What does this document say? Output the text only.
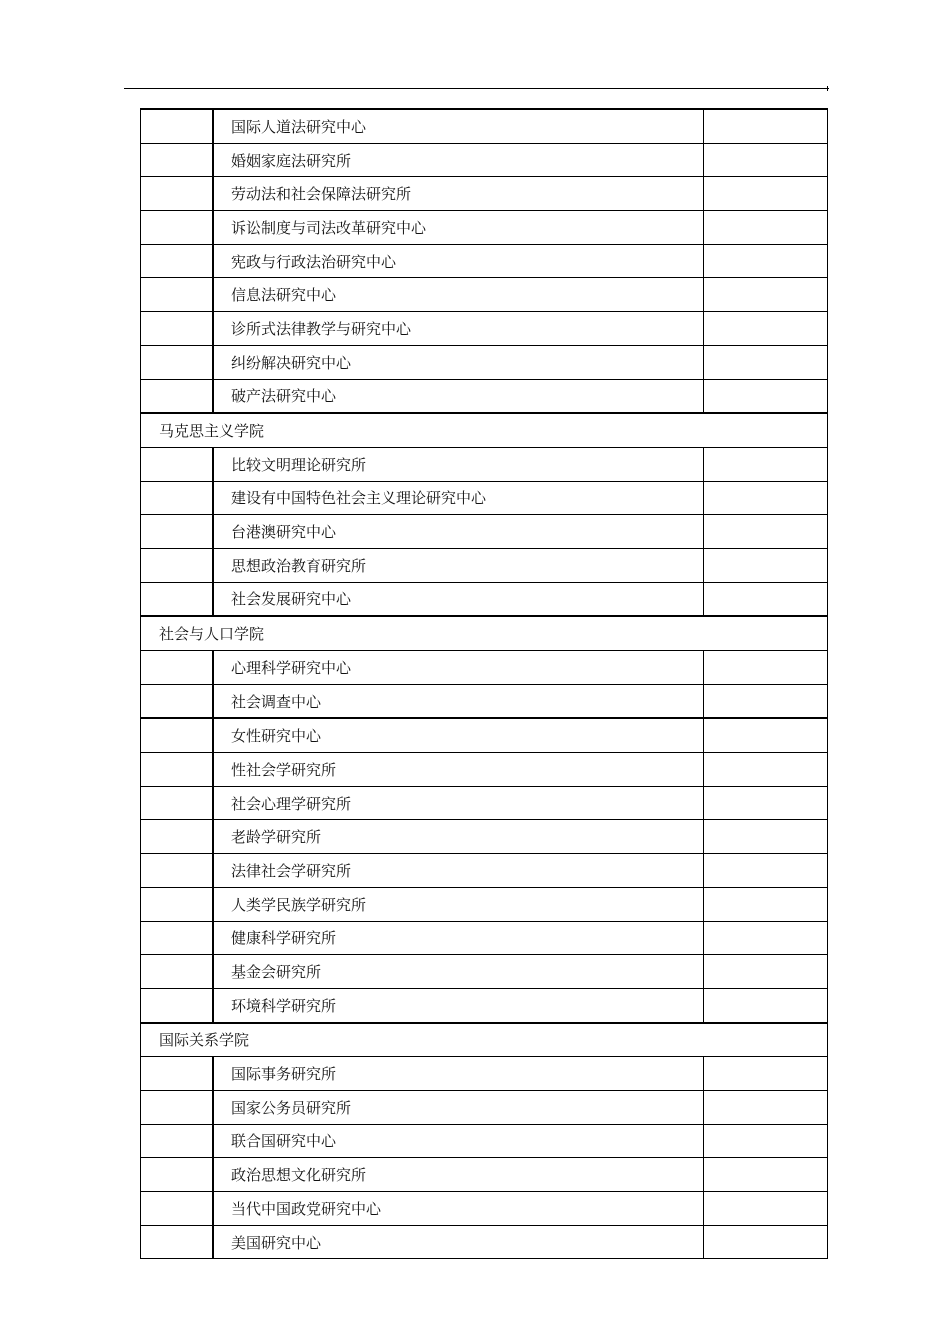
	国际人道法研究中心	
	婚姻家庭法研究所	
	劳动法和社会保障法研究所	
	诉讼制度与司法改革研究中心	
	宪政与行政法治研究中心	
	信息法研究中心	
	诊所式法律教学与研究中心	
	纠纷解决研究中心	
	破产法研究中心	
马克思主义学院		
	比较文明理论研究所	
	建设有中国特色社会主义理论研究中心	
	台港澳研究中心	
	思想政治教育研究所	
	社会发展研究中心	
社会与人口学院		
	心理科学研究中心	
	社会调查中心	
	女性研究中心	
	性社会学研究所	
	社会心理学研究所	
	老龄学研究所	
	法律社会学研究所	
	人类学民族学研究所	
	健康科学研究所	
	基金会研究所	
	环境科学研究所	
国际关系学院		
	国际事务研究所	
	国家公务员研究所	
	联合国研究中心	
	政治思想文化研究所	
	当代中国政党研究中心	
	美国研究中心	
